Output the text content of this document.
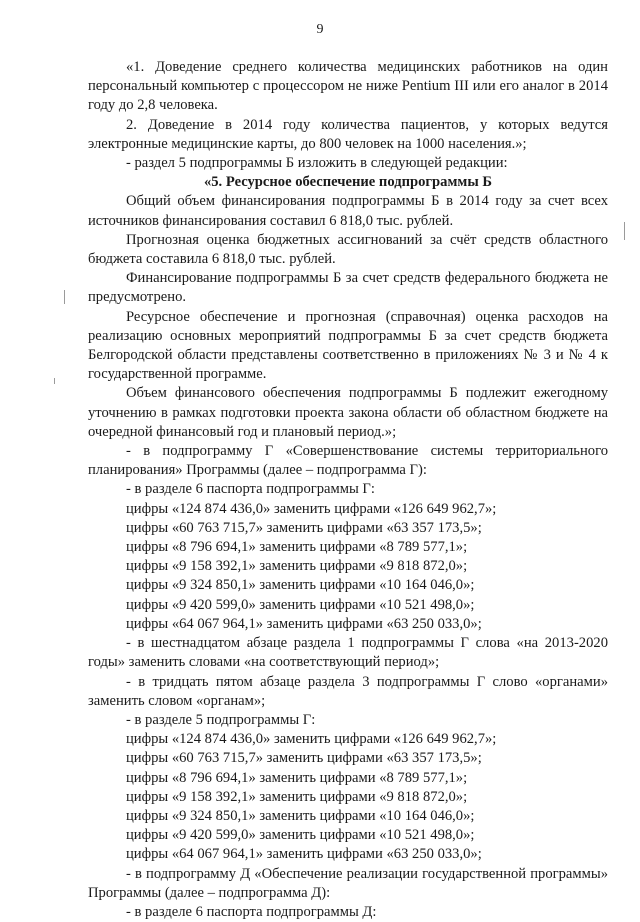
9

«1. Доведение среднего количества медицинских работников на один персональный компьютер с процессором не ниже Pentium III или его аналог в 2014 году до 2,8 человека.

2. Доведение в 2014 году количества пациентов, у которых ведутся электронные медицинские карты, до 800 человек на 1000 населения.»;

- раздел 5 подпрограммы Б изложить в следующей редакции:

«5. Ресурсное обеспечение подпрограммы Б

Общий объем финансирования подпрограммы Б в 2014 году за счет всех источников финансирования составил 6 818,0 тыс. рублей.

Прогнозная оценка бюджетных ассигнований за счёт средств областного бюджета составила 6 818,0 тыс. рублей.

Финансирование подпрограммы Б за счет средств федерального бюджета не предусмотрено.

Ресурсное обеспечение и прогнозная (справочная) оценка расходов на реализацию основных мероприятий подпрограммы Б за счет средств бюджета Белгородской области представлены соответственно в приложениях № 3 и № 4 к государственной программе.

Объем финансового обеспечения подпрограммы Б подлежит ежегодному уточнению в рамках подготовки проекта закона области об областном бюджете на очередной финансовый год и плановый период.»;

- в подпрограмму Г «Совершенствование системы территориального планирования» Программы (далее – подпрограмма Г):

- в разделе 6 паспорта подпрограммы Г:

цифры «124 874 436,0» заменить цифрами «126 649 962,7»;

цифры «60 763 715,7» заменить цифрами «63 357 173,5»;

цифры «8 796 694,1» заменить цифрами «8 789 577,1»;

цифры «9 158 392,1» заменить цифрами «9 818 872,0»;

цифры «9 324 850,1» заменить цифрами «10 164 046,0»;

цифры «9 420 599,0» заменить цифрами «10 521 498,0»;

цифры «64 067 964,1» заменить цифрами «63 250 033,0»;

- в шестнадцатом абзаце раздела 1 подпрограммы Г слова «на 2013-2020 годы» заменить словами «на соответствующий период»;

- в тридцать пятом абзаце раздела 3 подпрограммы Г слово «органами» заменить словом «органам»;

- в разделе 5 подпрограммы Г:

цифры «124 874 436,0» заменить цифрами «126 649 962,7»;

цифры «60 763 715,7» заменить цифрами «63 357 173,5»;

цифры «8 796 694,1» заменить цифрами «8 789 577,1»;

цифры «9 158 392,1» заменить цифрами «9 818 872,0»;

цифры «9 324 850,1» заменить цифрами «10 164 046,0»;

цифры «9 420 599,0» заменить цифрами «10 521 498,0»;

цифры «64 067 964,1» заменить цифрами «63 250 033,0»;

- в подпрограмму Д «Обеспечение реализации государственной программы» Программы (далее – подпрограмма Д):

- в разделе 6 паспорта подпрограммы Д:
